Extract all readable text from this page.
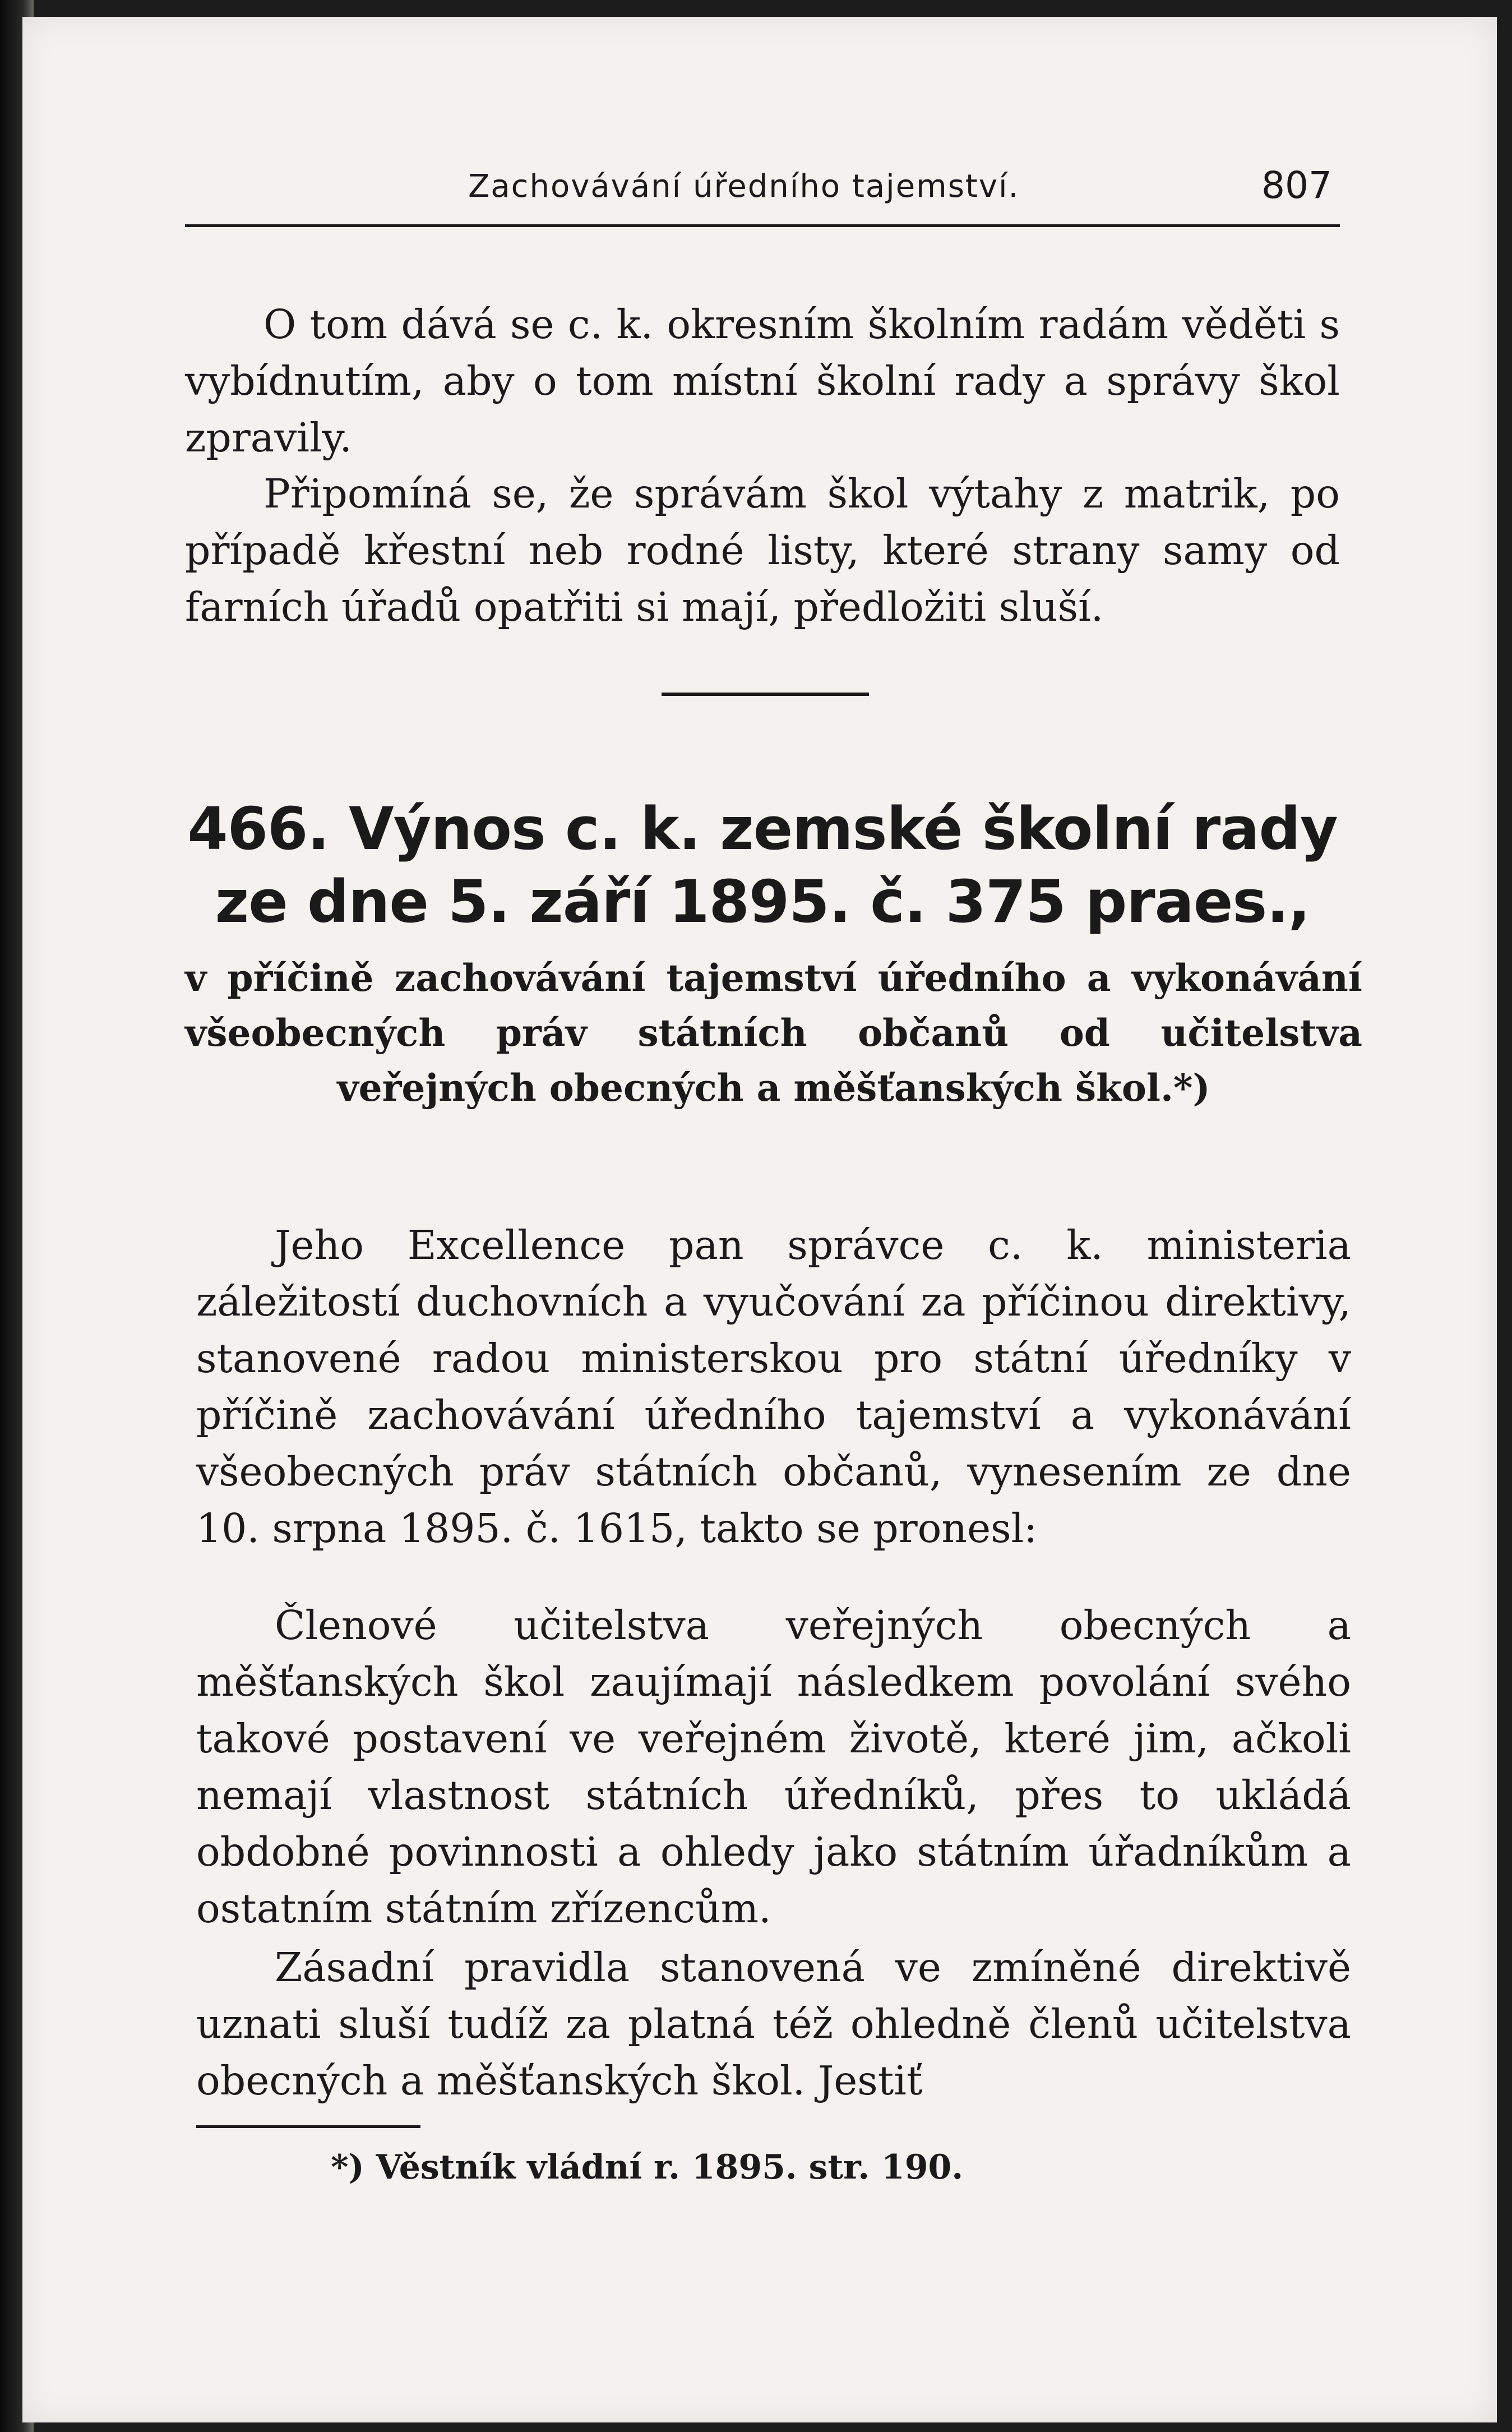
Zachovávání úředního tajemství.	807

O tom dává se c. k. okresním školním radám věděti s vybídnutím, aby o tom místní školní rady a správy škol zpravily.

Připomíná se, že správám škol výtahy z matrik, po případě křestní neb rodné listy, které strany samy od farních úřadů opatřiti si mají, předložiti sluší.

466. Výnos c. k. zemské školní rady
ze dne 5. září 1895. č. 375 praes.,
v příčině zachovávání tajemství úředního a vykonávání všeobecných práv státních občanů od učitelstva veřejných obecných a měšťanských škol.*)

Jeho Excellence pan správce c. k. ministeria záležitostí duchovních a vyučování za příčinou direktivy, stanovené radou ministerskou pro státní úředníky v příčině zachovávání úředního tajemství a vykonávání všeobecných práv státních občanů, vynesením ze dne 10. srpna 1895. č. 1615, takto se pronesl:

Členové učitelstva veřejných obecných a měšťanských škol zaujímají následkem povolání svého takové postavení ve veřejném životě, které jim, ačkoli nemají vlastnost státních úředníků, přes to ukládá obdobné povinnosti a ohledy jako státním úřadníkům a ostatním státním zřízencům.

Zásadní pravidla stanovená ve zmíněné direktivě uznati sluší tudíž za platná též ohledně členů učitelstva obecných a měšťanských škol. Jestiť

*) Věstník vládní r. 1895. str. 190.
